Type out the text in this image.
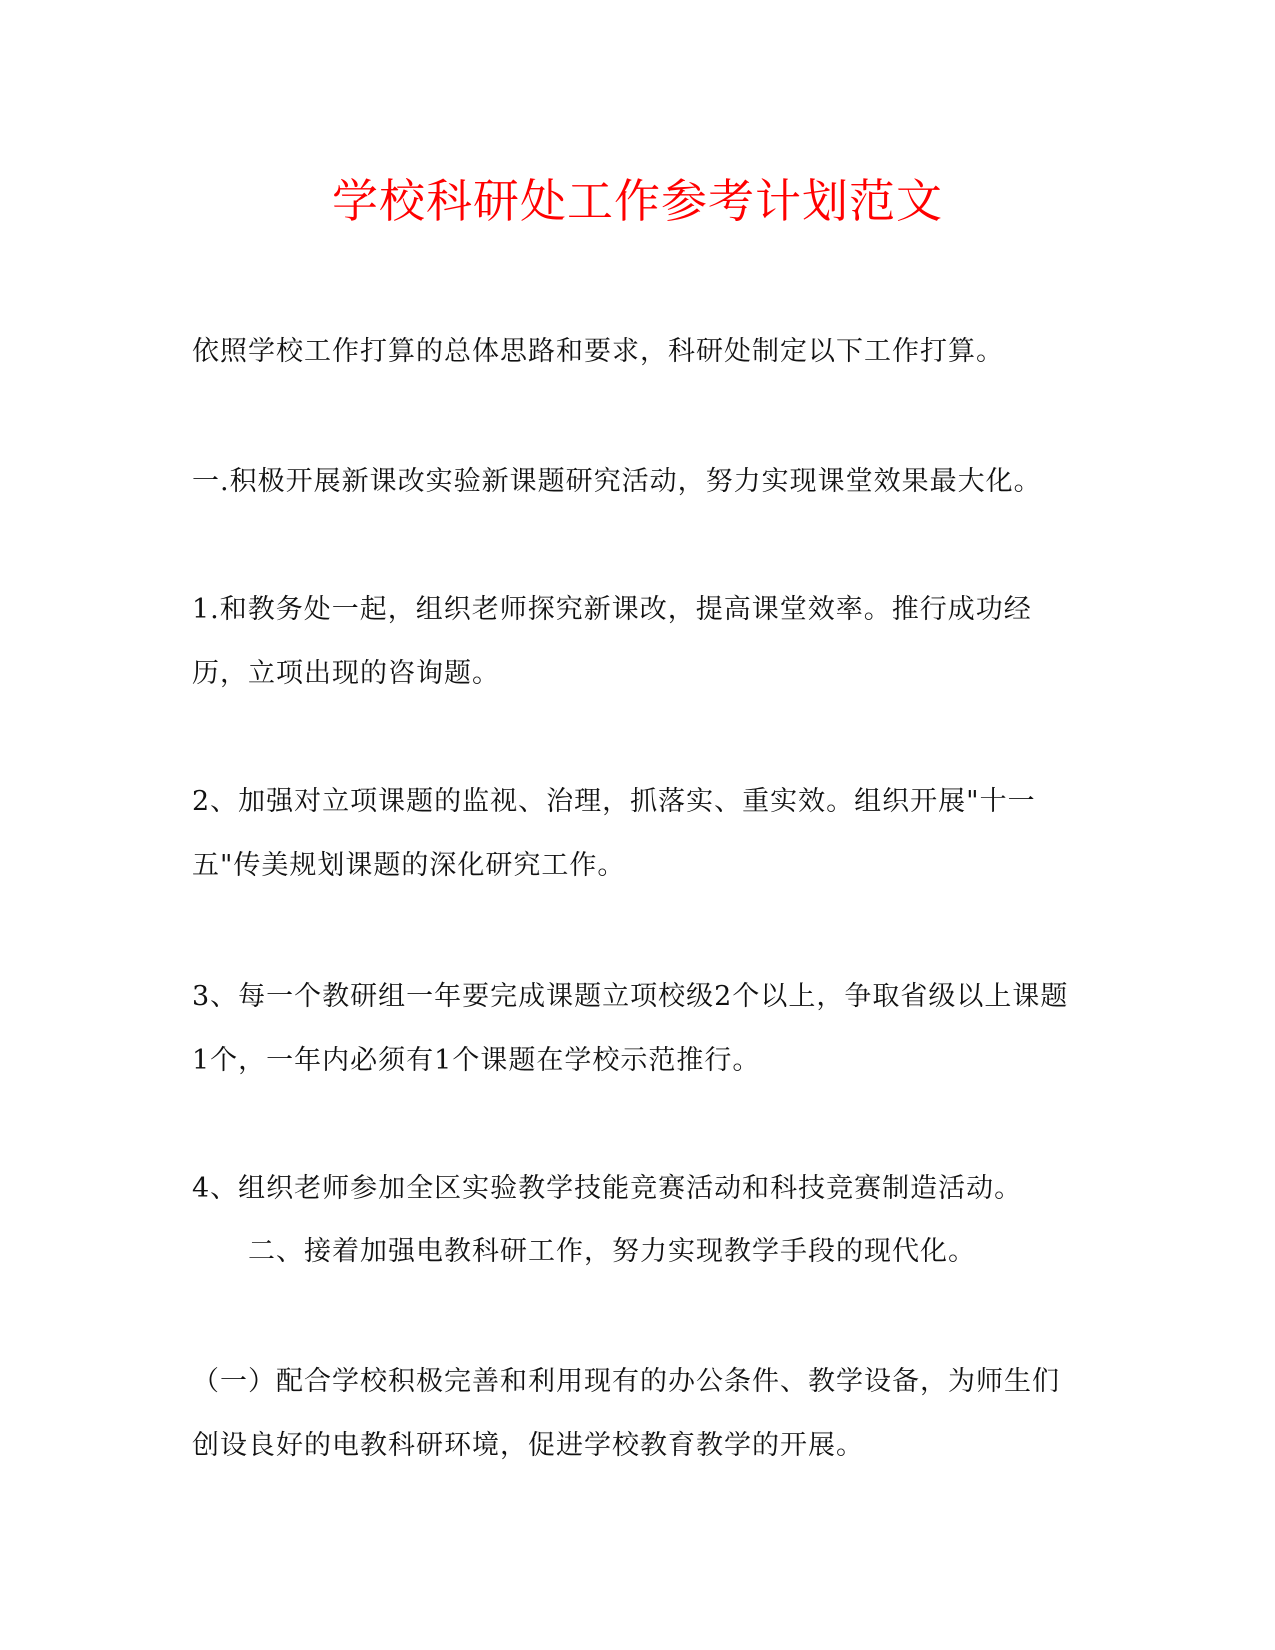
学校科研处工作参考计划范文

依照学校工作打算的总体思路和要求，科研处制定以下工作打算。

一.积极开展新课改实验新课题研究活动，努力实现课堂效果最大化。

1.和教务处一起，组织老师探究新课改，提高课堂效率。推行成功经历，立项出现的咨询题。

2、加强对立项课题的监视、治理，抓落实、重实效。组织开展"十一五"传美规划课题的深化研究工作。

3、每一个教研组一年要完成课题立项校级2个以上，争取省级以上课题1个，一年内必须有1个课题在学校示范推行。

4、组织老师参加全区实验教学技能竞赛活动和科技竞赛制造活动。

二、接着加强电教科研工作，努力实现教学手段的现代化。

（一）配合学校积极完善和利用现有的办公条件、教学设备，为师生们创设良好的电教科研环境，促进学校教育教学的开展。
